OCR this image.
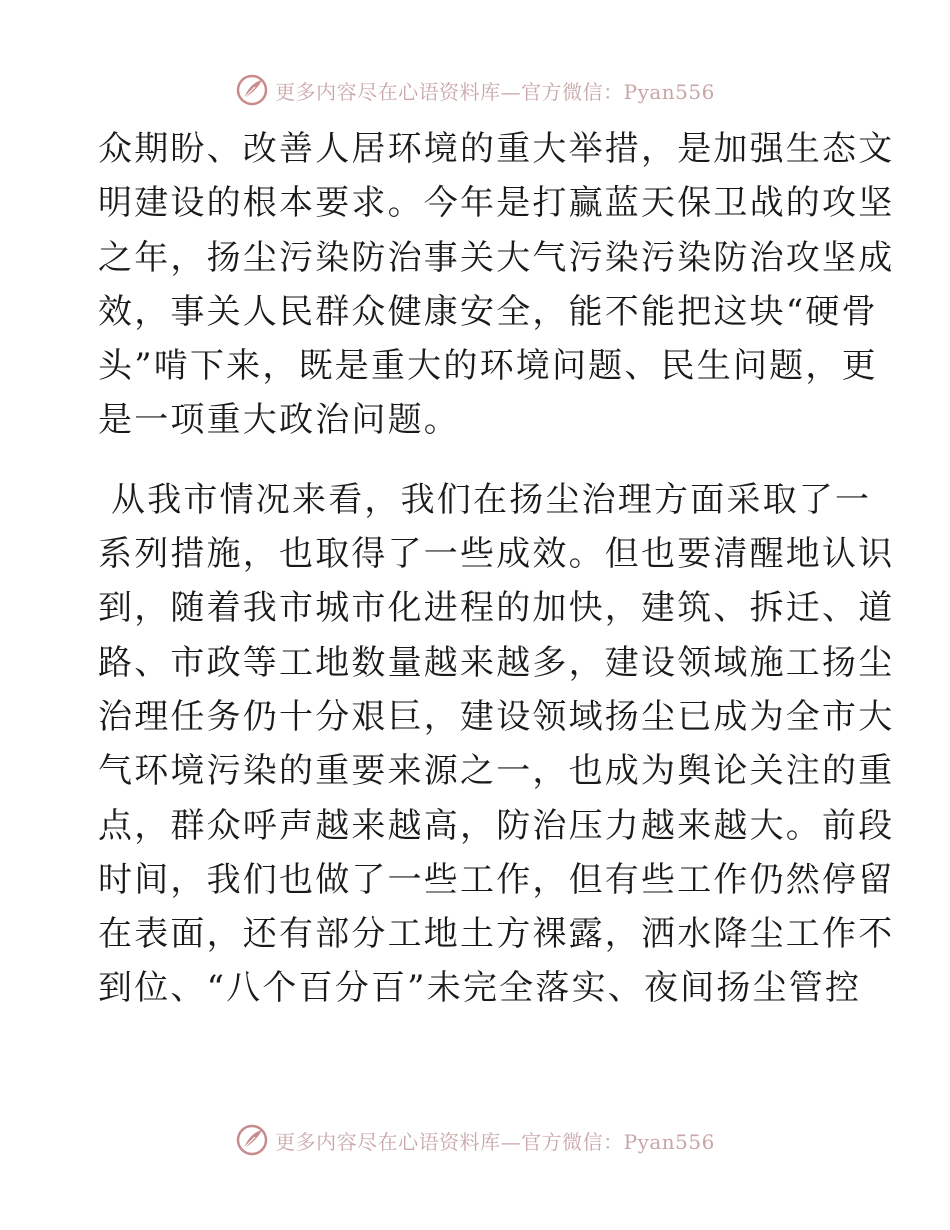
更多内容尽在心语资料库—官方微信：Pyan556

众期盼、改善人居环境的重大举措，是加强生态文
明建设的根本要求。今年是打赢蓝天保卫战的攻坚
之年，扬尘污染防治事关大气污染污染防治攻坚成
效，事关人民群众健康安全，能不能把这块“硬骨
头”啃下来，既是重大的环境问题、民生问题，更
是一项重大政治问题。

从我市情况来看，我们在扬尘治理方面采取了一
系列措施，也取得了一些成效。但也要清醒地认识
到，随着我市城市化进程的加快，建筑、拆迁、道
路、市政等工地数量越来越多，建设领域施工扬尘
治理任务仍十分艰巨，建设领域扬尘已成为全市大
气环境污染的重要来源之一，也成为舆论关注的重
点，群众呼声越来越高，防治压力越来越大。前段
时间，我们也做了一些工作，但有些工作仍然停留
在表面，还有部分工地土方裸露，洒水降尘工作不
到位、“八个百分百”未完全落实、夜间扬尘管控

更多内容尽在心语资料库—官方微信：Pyan556
